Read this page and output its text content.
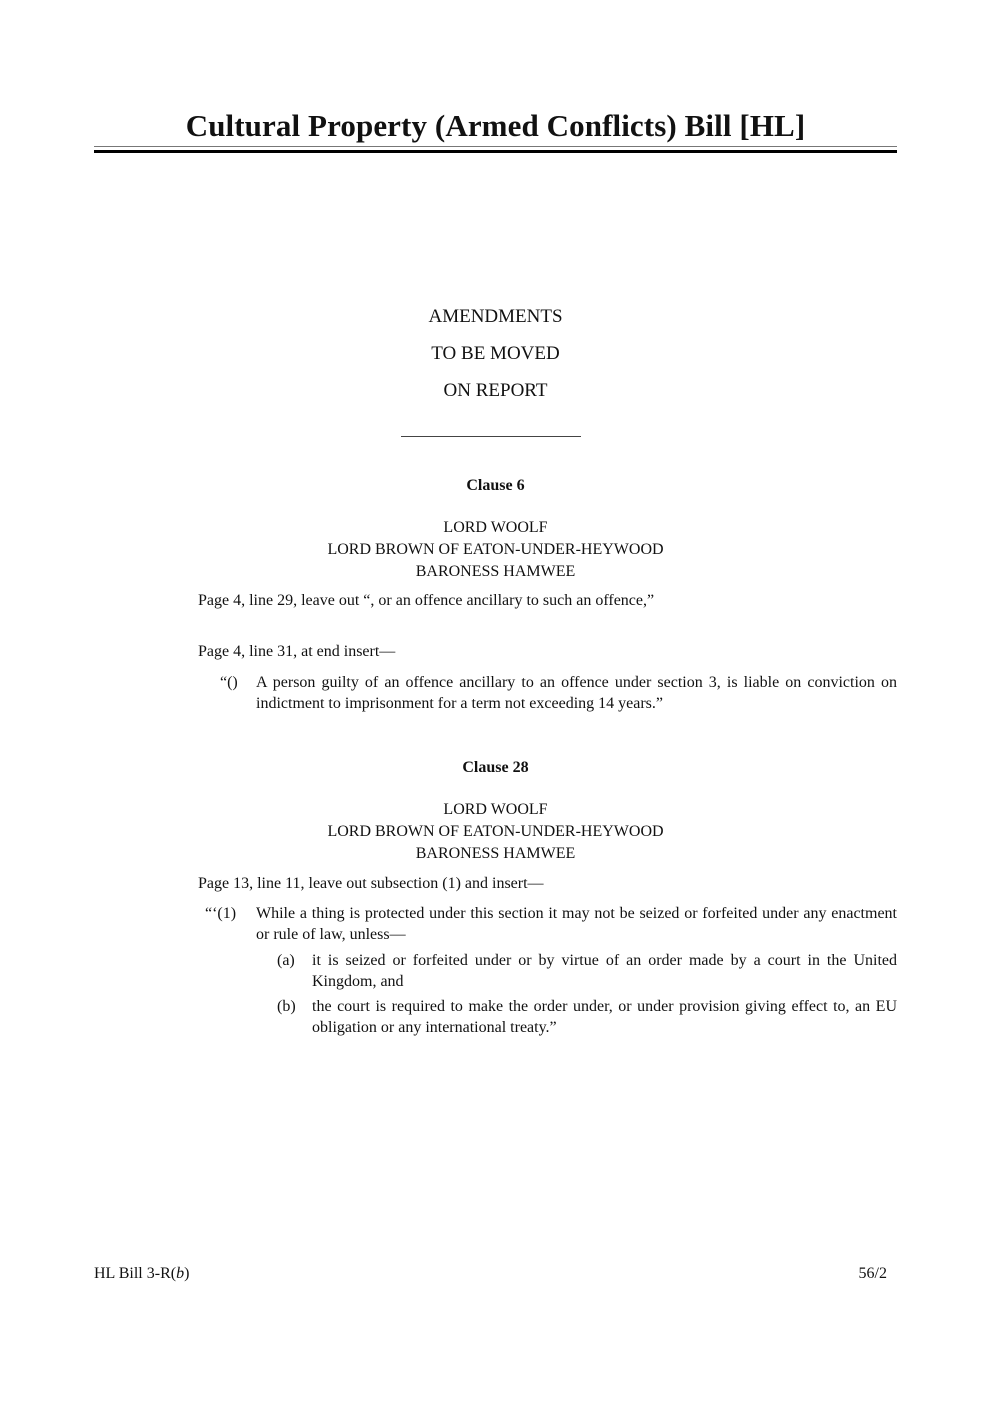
Cultural Property (Armed Conflicts) Bill [HL]
AMENDMENTS
TO BE MOVED
ON REPORT
Clause 6
LORD WOOLF
LORD BROWN OF EATON-UNDER-HEYWOOD
BARONESS HAMWEE
Page 4, line 29, leave out “, or an offence ancillary to such an offence,”
Page 4, line 31, at end insert—
“() A person guilty of an offence ancillary to an offence under section 3, is liable on conviction on indictment to imprisonment for a term not exceeding 14 years.”
Clause 28
LORD WOOLF
LORD BROWN OF EATON-UNDER-HEYWOOD
BARONESS HAMWEE
Page 13, line 11, leave out subsection (1) and insert—
“‘(1) While a thing is protected under this section it may not be seized or forfeited under any enactment or rule of law, unless—
(a) it is seized or forfeited under or by virtue of an order made by a court in the United Kingdom, and
(b) the court is required to make the order under, or under provision giving effect to, an EU obligation or any international treaty.”
HL Bill 3-R(b)	56/2
